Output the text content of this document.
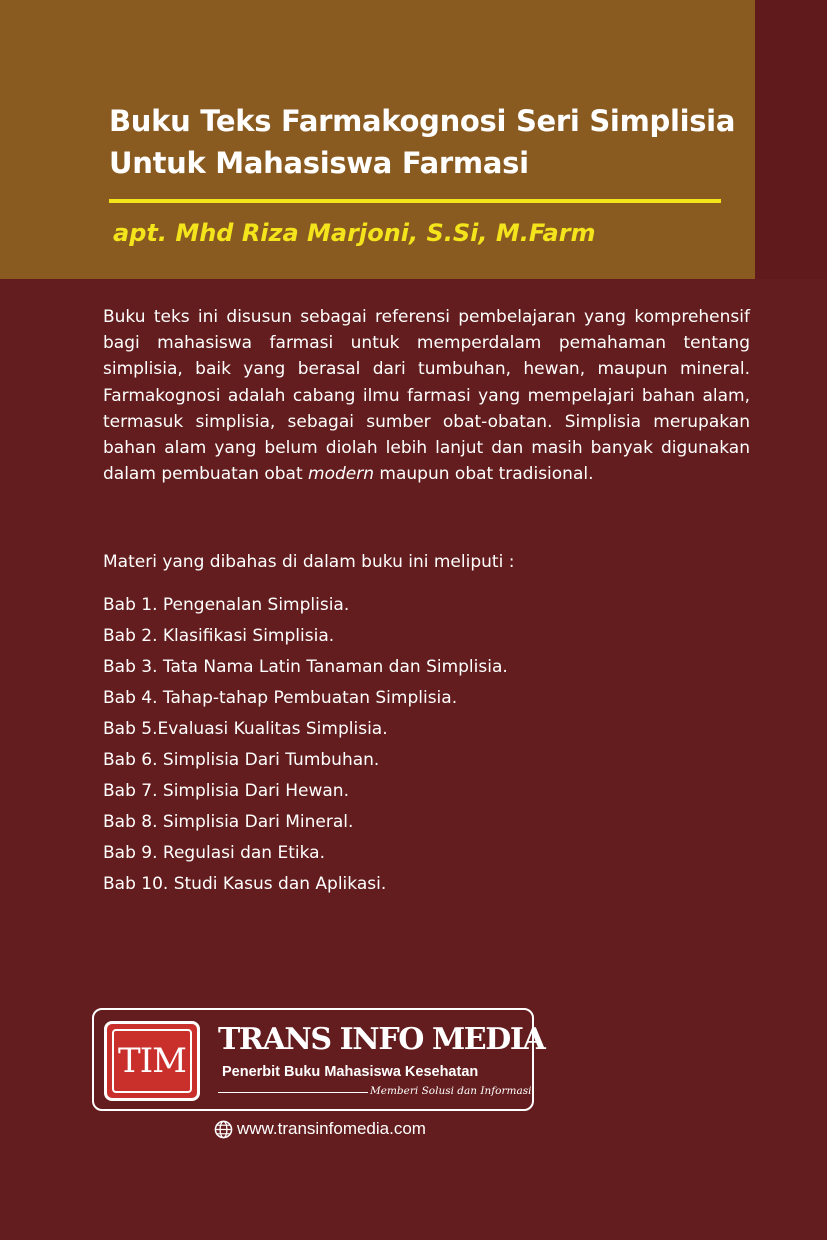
Buku Teks Farmakognosi Seri Simplisia
Untuk Mahasiswa Farmasi
apt. Mhd Riza Marjoni, S.Si, M.Farm

Buku teks ini disusun sebagai referensi pembelajaran yang komprehensif bagi mahasiswa farmasi untuk memperdalam pemahaman tentang simplisia, baik yang berasal dari tumbuhan, hewan, maupun mineral. Farmakognosi adalah cabang ilmu farmasi yang mempelajari bahan alam, termasuk simplisia, sebagai sumber obat-obatan. Simplisia merupakan bahan alam yang belum diolah lebih lanjut dan masih banyak digunakan dalam pembuatan obat modern maupun obat tradisional.

Materi yang dibahas di dalam buku ini meliputi :
Bab 1. Pengenalan Simplisia.
Bab 2. Klasifikasi Simplisia.
Bab 3. Tata Nama Latin Tanaman dan Simplisia.
Bab 4. Tahap-tahap Pembuatan Simplisia.
Bab 5.Evaluasi Kualitas Simplisia.
Bab 6. Simplisia Dari Tumbuhan.
Bab 7. Simplisia Dari Hewan.
Bab 8. Simplisia Dari Mineral.
Bab 9. Regulasi dan Etika.
Bab 10. Studi Kasus dan Aplikasi.
TIM
TRANS INFO MEDIA
Penerbit Buku Mahasiswa Kesehatan
Memberi Solusi dan Informasi
www.transinfomedia.com
